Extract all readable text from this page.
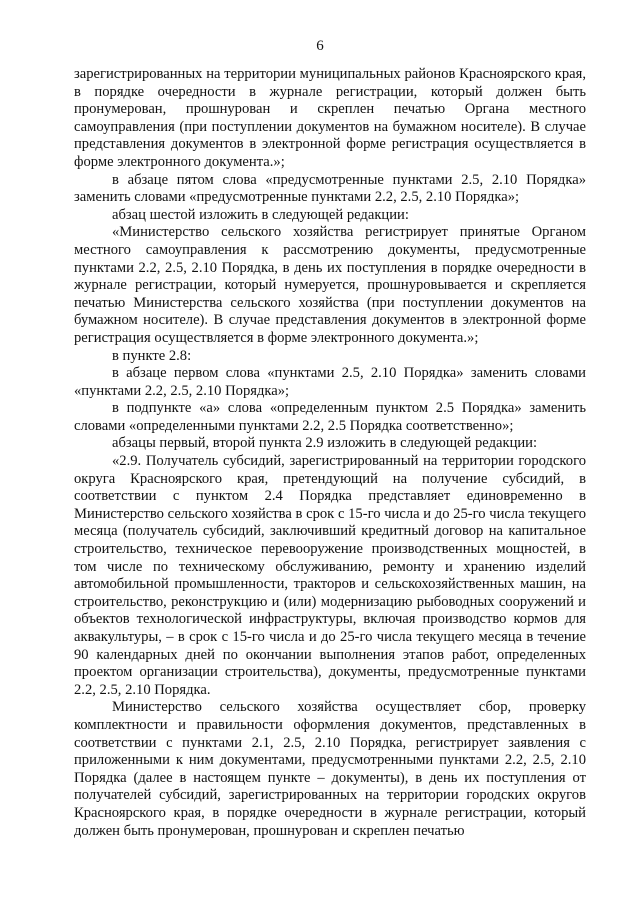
6

зарегистрированных на территории муниципальных районов Красноярского края, в порядке очередности в журнале регистрации, который должен быть пронумерован, прошнурован и скреплен печатью Органа местного самоуправления (при поступлении документов на бумажном носителе). В случае представления документов в электронной форме регистрация осуществляется в форме электронного документа.»;

в абзаце пятом слова «предусмотренные пунктами 2.5, 2.10 Порядка» заменить словами «предусмотренные пунктами 2.2, 2.5, 2.10 Порядка»;

абзац шестой изложить в следующей редакции:

«Министерство сельского хозяйства регистрирует принятые Органом местного самоуправления к рассмотрению документы, предусмотренные пунктами 2.2, 2.5, 2.10 Порядка, в день их поступления в порядке очередности в журнале регистрации, который нумеруется, прошнуровывается и скрепляется печатью Министерства сельского хозяйства (при поступлении документов на бумажном носителе). В случае представления документов в электронной форме регистрация осуществляется в форме электронного документа.»;

в пункте 2.8:

в абзаце первом слова «пунктами 2.5, 2.10 Порядка» заменить словами «пунктами 2.2, 2.5, 2.10 Порядка»;

в подпункте «а» слова «определенным пунктом 2.5 Порядка» заменить словами «определенными пунктами 2.2, 2.5 Порядка соответственно»;

абзацы первый, второй пункта 2.9 изложить в следующей редакции:

«2.9. Получатель субсидий, зарегистрированный на территории городского округа Красноярского края, претендующий на получение субсидий, в соответствии с пунктом 2.4 Порядка представляет единовременно в Министерство сельского хозяйства в срок с 15-го числа и до 25-го числа текущего месяца (получатель субсидий, заключивший кредитный договор на капитальное строительство, техническое перевооружение производственных мощностей, в том числе по техническому обслуживанию, ремонту и хранению изделий автомобильной промышленности, тракторов и сельскохозяйственных машин, на строительство, реконструкцию и (или) модернизацию рыбоводных сооружений и объектов технологической инфраструктуры, включая производство кормов для аквакультуры, – в срок с 15-го числа и до 25-го числа текущего месяца в течение 90 календарных дней по окончании выполнения этапов работ, определенных проектом организации строительства), документы, предусмотренные пунктами 2.2, 2.5, 2.10 Порядка.

Министерство сельского хозяйства осуществляет сбор, проверку комплектности и правильности оформления документов, представленных в соответствии с пунктами 2.1, 2.5, 2.10 Порядка, регистрирует заявления с приложенными к ним документами, предусмотренными пунктами 2.2, 2.5, 2.10 Порядка (далее в настоящем пункте – документы), в день их поступления от получателей субсидий, зарегистрированных на территории городских округов Красноярского края, в порядке очередности в журнале регистрации, который должен быть пронумерован, прошнурован и скреплен печатью
